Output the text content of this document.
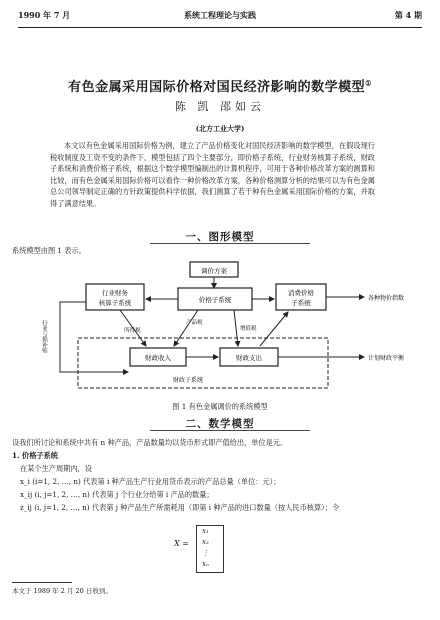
1990 年 7 月	系统工程理论与实践	第 4 期
有色金属采用国际价格对国民经济影响的数学模型①
陈 凯 邵如云
(北方工业大学)

本文以有色金属采用国际价格为例，建立了产品价格变化对国民经济影响的数学模型，在假设现行税收制度及工资不变的条件下，模型包括了四个主要部分，即价格子系统，行业财务核算子系统，财政子系统和消费价格子系统，根据这个数学模型编制出的计算机程序，可用于各种价格改革方案的测算和比较，而有色金属采用国际价格可以看作一种价格改革方案，各种价格测算分析的结果可以为有色金属总公司领导制定正确的方针政策提供科学依据，我们测算了若干种有色金属采用国际价格的方案，并取得了满意结果。

一、图形模型
系统模型由图 1 表示。
调价方案
行业财务
核算子系统	价格子系统
消费价格
子系统
各种物价指数
财政子系统
财政收入	财政支出	计划财政平衡
所得税
产品税
增值税
行业亏损补贴
图 1 有色金属调价的系统模型
二、数学模型
设我们所讨论和系统中共有 n 种产品，产品数量均以货币形式即产值给出，单位是元。
1. 价格子系统
在某个生产周期内，设
x_i (i=1, 2, …, n) 代表第 i 种产品生产行业用货币表示的产品总量（单位：元）；
x_ij (i, j=1, 2, …, n) 代表第 j 个行业分给第 i 产品的数量；
z_ij (i, j=1, 2, …, n) 代表第 j 种产品生产所需耗用（即第 i 种产品的进口数量（按人民币核算）；令
X =
x₁
x₂
⋮
xₙ
本文于 1989 年 2 月 20 日收到。
